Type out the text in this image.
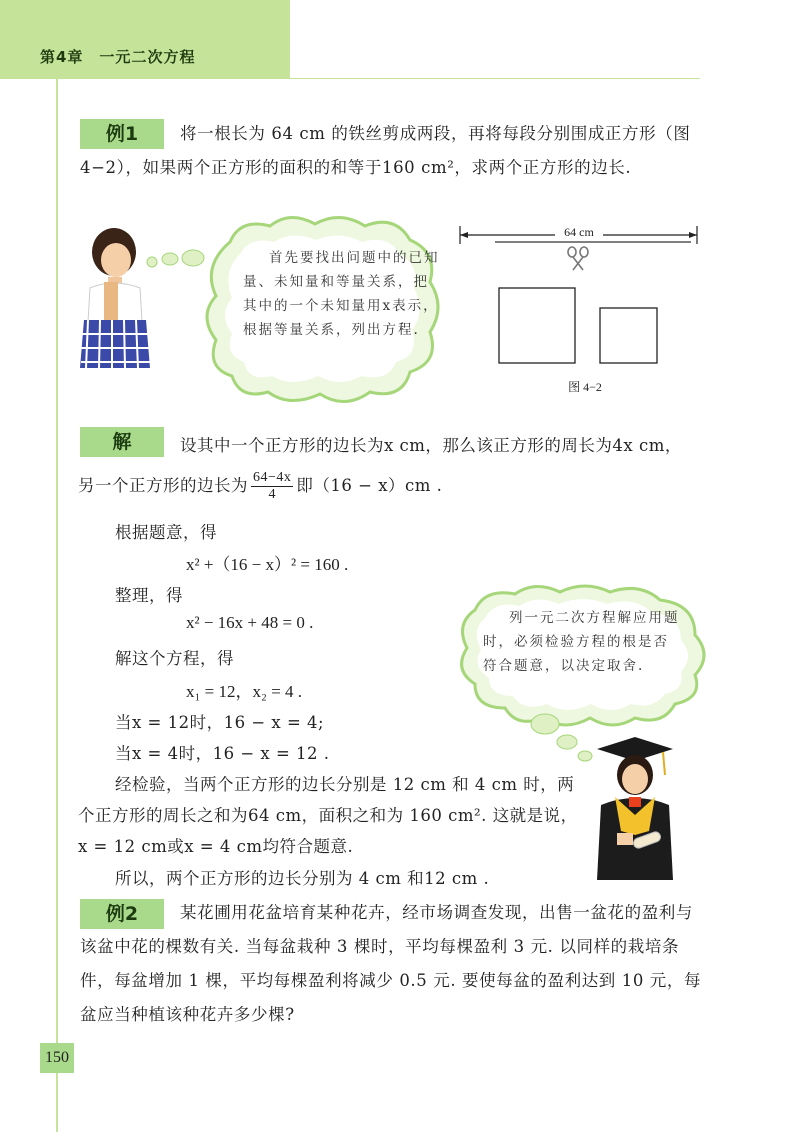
第4章　一元二次方程
例1	将一根长为 64 cm 的铁丝剪成两段，再将每段分别围成正方形（图4−2），如果两个正方形的面积的和等于160 cm²，求两个正方形的边长.
首先要找出问题中的已知量、未知量和等量关系，把其中的一个未知量用x表示，根据等量关系，列出方程.
64 cm
图 4−2
解	设其中一个正方形的边长为x cm，那么该正方形的周长为4x cm，
另一个正方形的边长为 $\frac{64-4x}{4}$ 即（16 − x）cm .
根据题意，得
x² +（16 − x）² = 160 .
整理，得
x² − 16x + 48 = 0 .
解这个方程，得
x₁ = 12，x₂ = 4 .
当x = 12时，16 − x = 4;
当x = 4时，16 − x = 12 .
经检验，当两个正方形的边长分别是 12 cm 和 4 cm 时，两
个正方形的周长之和为64 cm，面积之和为 160 cm². 这就是说，
x = 12 cm或x = 4 cm均符合题意.
所以，两个正方形的边长分别为 4 cm 和12 cm .
列一元二次方程解应用题时，必须检验方程的根是否符合题意，以决定取舍.
例2	某花圃用花盆培育某种花卉，经市场调查发现，出售一盆花的盈利与该盆中花的棵数有关. 当每盆栽种 3 棵时，平均每棵盈利 3 元. 以同样的栽培条件，每盆增加 1 棵，平均每棵盈利将减少 0.5 元. 要使每盆的盈利达到 10 元，每盆应当种植该种花卉多少棵?
150
